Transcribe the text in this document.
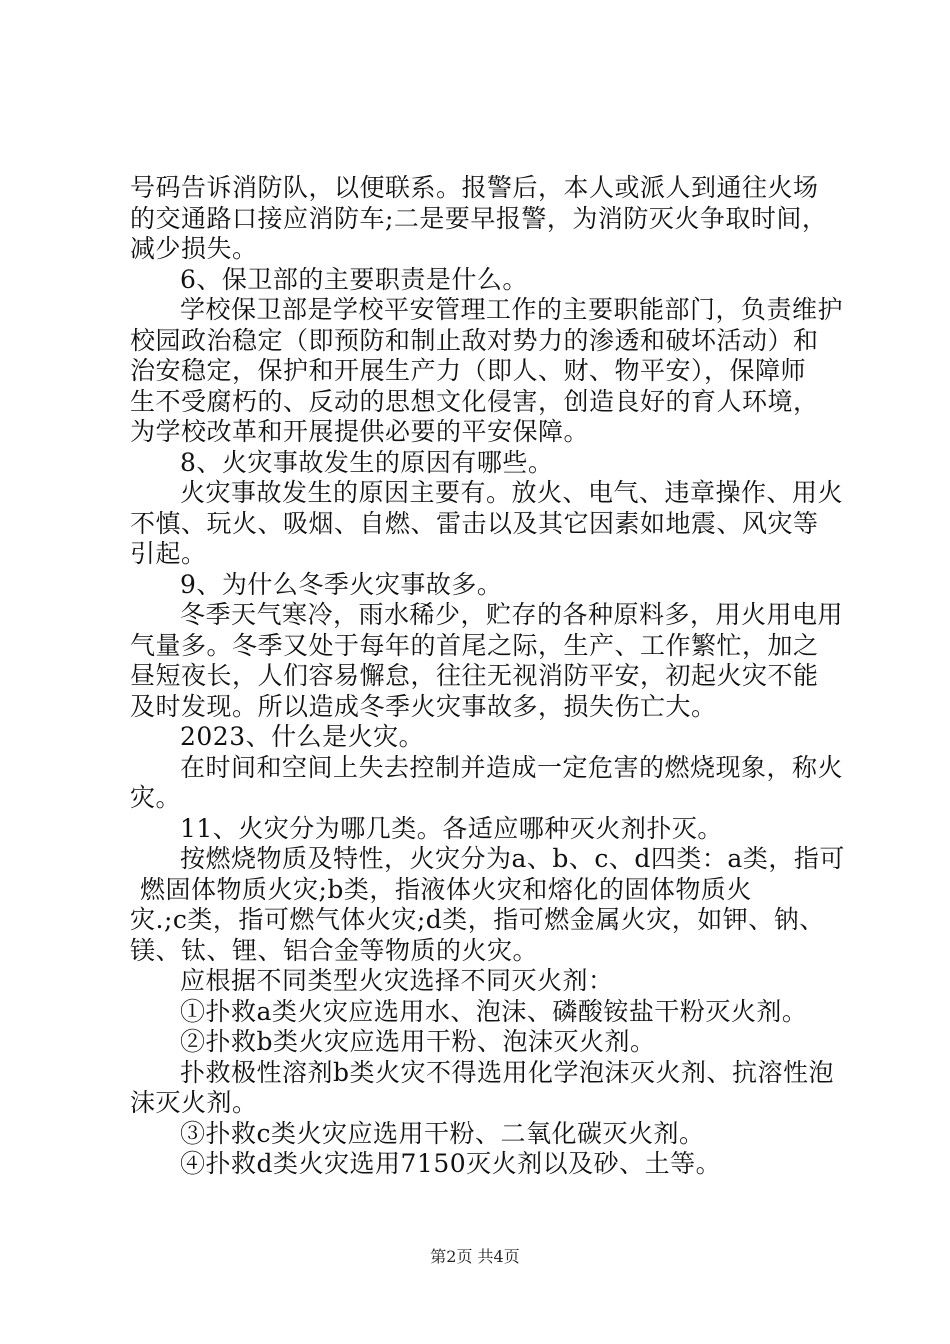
号码告诉消防队，以便联系。报警后，本人或派人到通往火场
的交通路口接应消防车;二是要早报警，为消防灭火争取时间，
减少损失。
6、保卫部的主要职责是什么。
学校保卫部是学校平安管理工作的主要职能部门，负责维护
校园政治稳定（即预防和制止敌对势力的渗透和破坏活动）和
治安稳定，保护和开展生产力（即人、财、物平安），保障师
生不受腐朽的、反动的思想文化侵害，创造良好的育人环境，
为学校改革和开展提供必要的平安保障。
8、火灾事故发生的原因有哪些。
火灾事故发生的原因主要有。放火、电气、违章操作、用火
不慎、玩火、吸烟、自燃、雷击以及其它因素如地震、风灾等
引起。
9、为什么冬季火灾事故多。
冬季天气寒冷，雨水稀少，贮存的各种原料多，用火用电用
气量多。冬季又处于每年的首尾之际，生产、工作繁忙，加之
昼短夜长，人们容易懈怠，往往无视消防平安，初起火灾不能
及时发现。所以造成冬季火灾事故多，损失伤亡大。
2023、什么是火灾。
在时间和空间上失去控制并造成一定危害的燃烧现象，称火
灾。
11、火灾分为哪几类。各适应哪种灭火剂扑灭。
按燃烧物质及特性，火灾分为a、b、c、d四类：a类，指可
燃固体物质火灾;b类，指液体火灾和熔化的固体物质火
灾.;c类，指可燃气体火灾;d类，指可燃金属火灾，如钾、钠、
镁、钛、锂、铝合金等物质的火灾。
应根据不同类型火灾选择不同灭火剂：
①扑救a类火灾应选用水、泡沫、磷酸铵盐干粉灭火剂。
②扑救b类火灾应选用干粉、泡沫灭火剂。
扑救极性溶剂b类火灾不得选用化学泡沫灭火剂、抗溶性泡
沫灭火剂。
③扑救c类火灾应选用干粉、二氧化碳灭火剂。
④扑救d类火灾选用7150灭火剂以及砂、土等。
第2页 共4页
